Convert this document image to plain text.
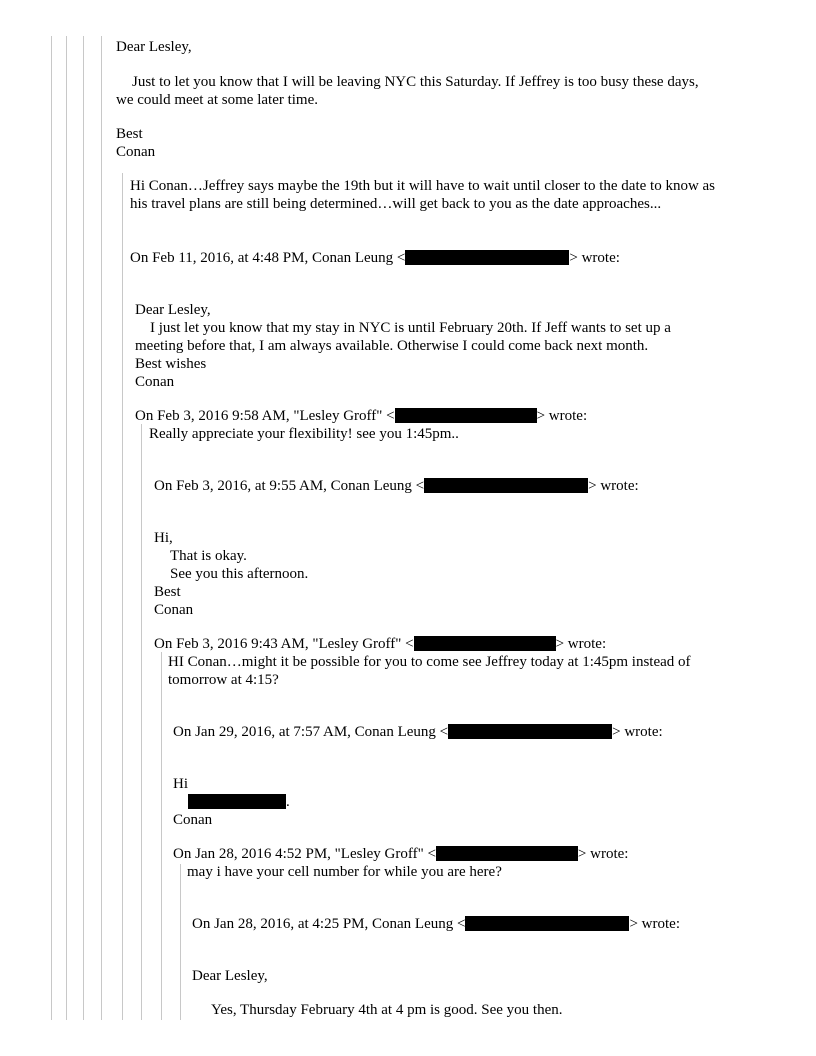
Dear Lesley,
Just to let you know that I will be leaving NYC this Saturday. If Jeffrey is too busy these days,
we could meet at some later time.
Best
Conan
Hi Conan…Jeffrey says maybe the 19th but it will have to wait until closer to the date to know as
his travel plans are still being determined…will get back to you as the date approaches...
On Feb 11, 2016, at 4:48 PM, Conan Leung <	> wrote:
Dear Lesley,
I just let you know that my stay in NYC is until February 20th. If Jeff wants to set up a
meeting before that, I am always available. Otherwise I could come back next month.
Best wishes
Conan
On Feb 3, 2016 9:58 AM, "Lesley Groff" <	> wrote:
Really appreciate your flexibility! see you 1:45pm..
On Feb 3, 2016, at 9:55 AM, Conan Leung <	> wrote:
Hi,
That is okay.
See you this afternoon.
Best
Conan
On Feb 3, 2016 9:43 AM, "Lesley Groff" <	> wrote:
HI Conan…might it be possible for you to come see Jeffrey today at 1:45pm instead of
tomorrow at 4:15?
On Jan 29, 2016, at 7:57 AM, Conan Leung <	> wrote:
Hi
.
Conan
On Jan 28, 2016 4:52 PM, "Lesley Groff" <	> wrote:
may i have your cell number for while you are here?
On Jan 28, 2016, at 4:25 PM, Conan Leung <	> wrote:
Dear Lesley,
Yes, Thursday February 4th at 4 pm is good. See you then.
